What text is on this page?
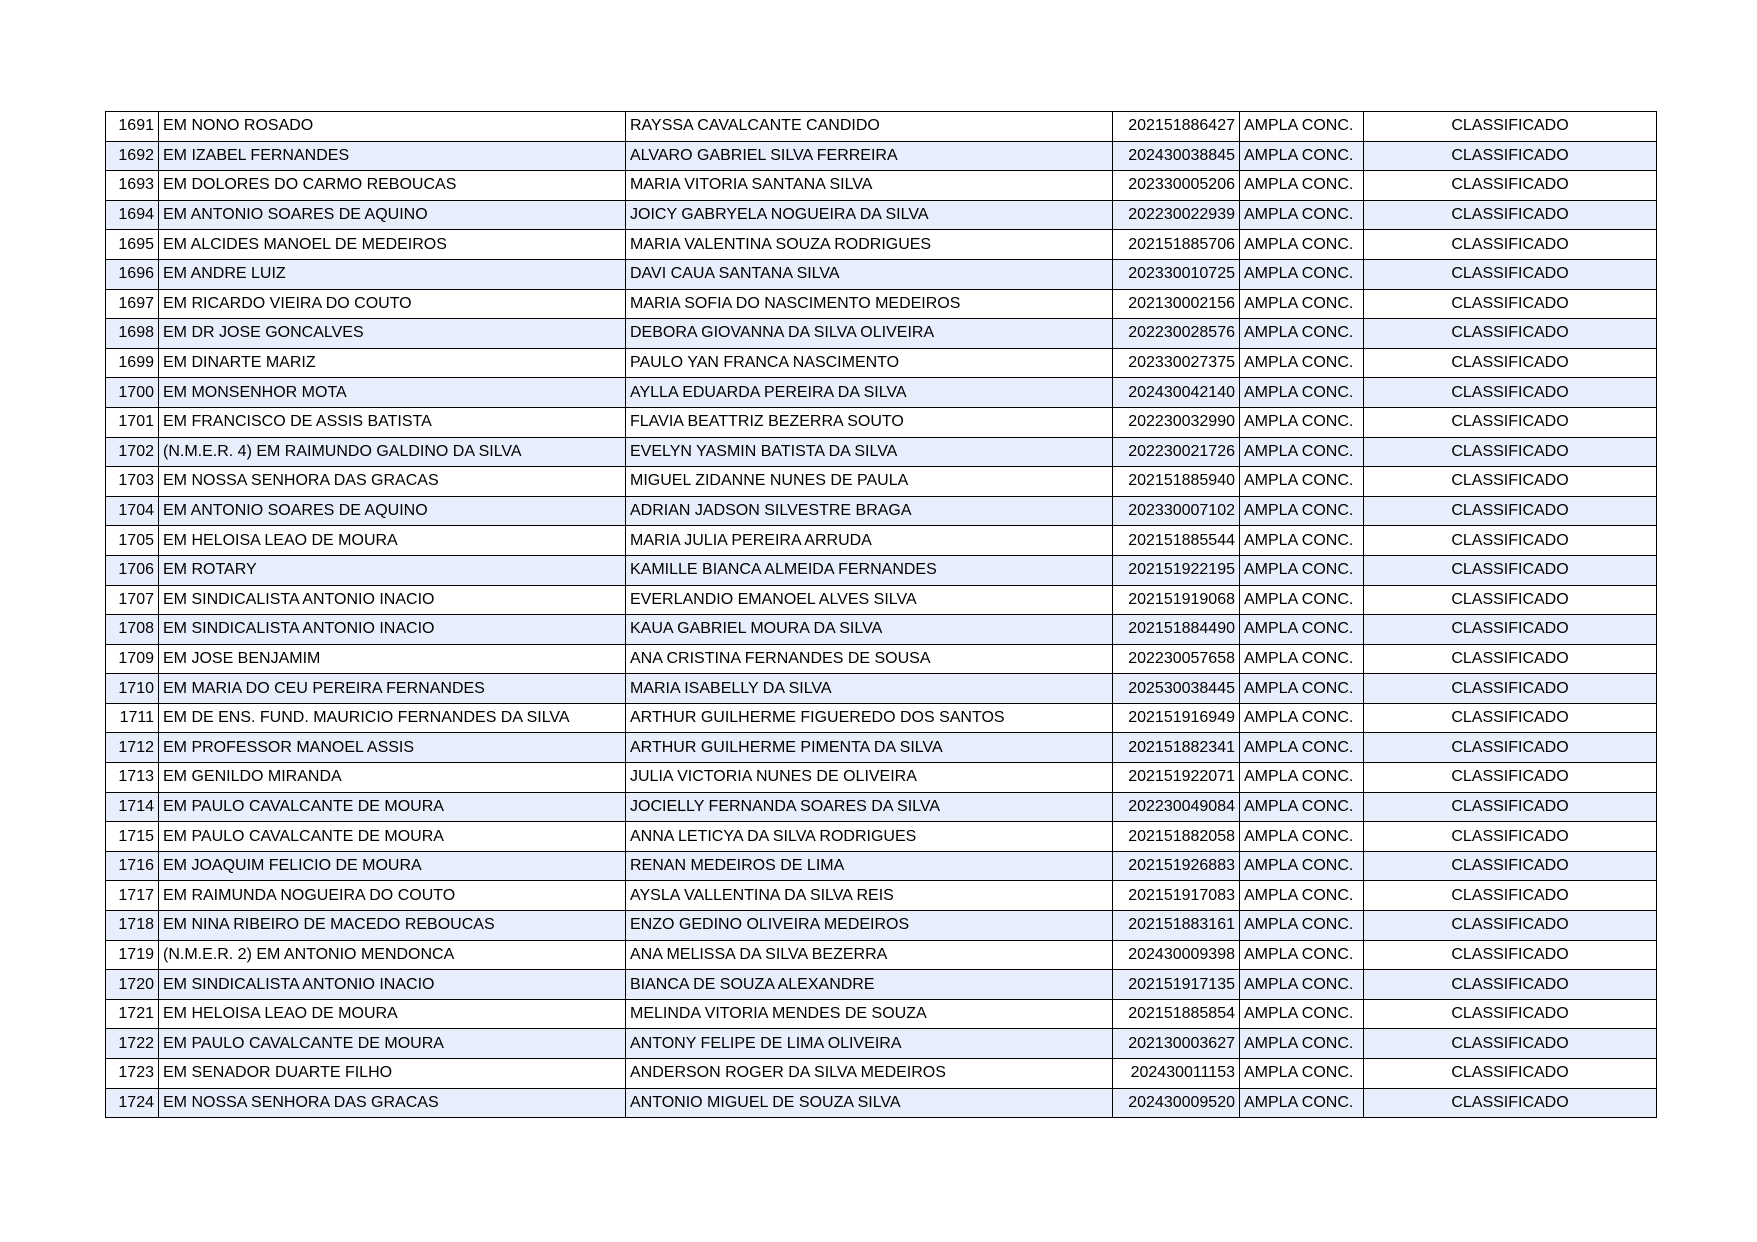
1691	EM NONO ROSADO	RAYSSA CAVALCANTE CANDIDO	202151886427	AMPLA CONC.	CLASSIFICADO
1692	EM IZABEL FERNANDES	ALVARO GABRIEL SILVA FERREIRA	202430038845	AMPLA CONC.	CLASSIFICADO
1693	EM DOLORES DO CARMO REBOUCAS	MARIA VITORIA SANTANA SILVA	202330005206	AMPLA CONC.	CLASSIFICADO
1694	EM ANTONIO SOARES DE AQUINO	JOICY GABRYELA NOGUEIRA DA SILVA	202230022939	AMPLA CONC.	CLASSIFICADO
1695	EM ALCIDES MANOEL DE MEDEIROS	MARIA VALENTINA SOUZA RODRIGUES	202151885706	AMPLA CONC.	CLASSIFICADO
1696	EM ANDRE LUIZ	DAVI CAUA SANTANA SILVA	202330010725	AMPLA CONC.	CLASSIFICADO
1697	EM RICARDO VIEIRA DO COUTO	MARIA SOFIA DO NASCIMENTO MEDEIROS	202130002156	AMPLA CONC.	CLASSIFICADO
1698	EM DR JOSE GONCALVES	DEBORA GIOVANNA DA SILVA OLIVEIRA	202230028576	AMPLA CONC.	CLASSIFICADO
1699	EM DINARTE MARIZ	PAULO YAN FRANCA NASCIMENTO	202330027375	AMPLA CONC.	CLASSIFICADO
1700	EM MONSENHOR MOTA	AYLLA EDUARDA PEREIRA DA SILVA	202430042140	AMPLA CONC.	CLASSIFICADO
1701	EM FRANCISCO DE ASSIS BATISTA	FLAVIA BEATTRIZ BEZERRA SOUTO	202230032990	AMPLA CONC.	CLASSIFICADO
1702	(N.M.E.R. 4) EM RAIMUNDO GALDINO DA SILVA	EVELYN YASMIN BATISTA DA SILVA	202230021726	AMPLA CONC.	CLASSIFICADO
1703	EM NOSSA SENHORA DAS GRACAS	MIGUEL ZIDANNE NUNES DE PAULA	202151885940	AMPLA CONC.	CLASSIFICADO
1704	EM ANTONIO SOARES DE AQUINO	ADRIAN JADSON SILVESTRE BRAGA	202330007102	AMPLA CONC.	CLASSIFICADO
1705	EM HELOISA LEAO DE MOURA	MARIA JULIA PEREIRA ARRUDA	202151885544	AMPLA CONC.	CLASSIFICADO
1706	EM ROTARY	KAMILLE BIANCA ALMEIDA FERNANDES	202151922195	AMPLA CONC.	CLASSIFICADO
1707	EM SINDICALISTA ANTONIO INACIO	EVERLANDIO EMANOEL ALVES SILVA	202151919068	AMPLA CONC.	CLASSIFICADO
1708	EM SINDICALISTA ANTONIO INACIO	KAUA GABRIEL MOURA DA SILVA	202151884490	AMPLA CONC.	CLASSIFICADO
1709	EM JOSE BENJAMIM	ANA CRISTINA FERNANDES DE SOUSA	202230057658	AMPLA CONC.	CLASSIFICADO
1710	EM MARIA DO CEU PEREIRA FERNANDES	MARIA ISABELLY DA SILVA	202530038445	AMPLA CONC.	CLASSIFICADO
1711	EM DE ENS. FUND. MAURICIO FERNANDES DA SILVA	ARTHUR GUILHERME FIGUEREDO DOS SANTOS	202151916949	AMPLA CONC.	CLASSIFICADO
1712	EM PROFESSOR MANOEL ASSIS	ARTHUR GUILHERME PIMENTA DA SILVA	202151882341	AMPLA CONC.	CLASSIFICADO
1713	EM GENILDO MIRANDA	JULIA VICTORIA NUNES DE OLIVEIRA	202151922071	AMPLA CONC.	CLASSIFICADO
1714	EM PAULO CAVALCANTE DE MOURA	JOCIELLY FERNANDA SOARES DA SILVA	202230049084	AMPLA CONC.	CLASSIFICADO
1715	EM PAULO CAVALCANTE DE MOURA	ANNA LETICYA DA SILVA RODRIGUES	202151882058	AMPLA CONC.	CLASSIFICADO
1716	EM JOAQUIM FELICIO DE MOURA	RENAN MEDEIROS DE LIMA	202151926883	AMPLA CONC.	CLASSIFICADO
1717	EM RAIMUNDA NOGUEIRA DO COUTO	AYSLA VALLENTINA DA SILVA REIS	202151917083	AMPLA CONC.	CLASSIFICADO
1718	EM NINA RIBEIRO DE MACEDO REBOUCAS	ENZO GEDINO OLIVEIRA MEDEIROS	202151883161	AMPLA CONC.	CLASSIFICADO
1719	(N.M.E.R. 2) EM ANTONIO MENDONCA	ANA MELISSA DA SILVA BEZERRA	202430009398	AMPLA CONC.	CLASSIFICADO
1720	EM SINDICALISTA ANTONIO INACIO	BIANCA DE SOUZA ALEXANDRE	202151917135	AMPLA CONC.	CLASSIFICADO
1721	EM HELOISA LEAO DE MOURA	MELINDA VITORIA MENDES DE SOUZA	202151885854	AMPLA CONC.	CLASSIFICADO
1722	EM PAULO CAVALCANTE DE MOURA	ANTONY FELIPE DE LIMA OLIVEIRA	202130003627	AMPLA CONC.	CLASSIFICADO
1723	EM SENADOR DUARTE FILHO	ANDERSON ROGER DA SILVA MEDEIROS	202430011153	AMPLA CONC.	CLASSIFICADO
1724	EM NOSSA SENHORA DAS GRACAS	ANTONIO MIGUEL DE SOUZA SILVA	202430009520	AMPLA CONC.	CLASSIFICADO
